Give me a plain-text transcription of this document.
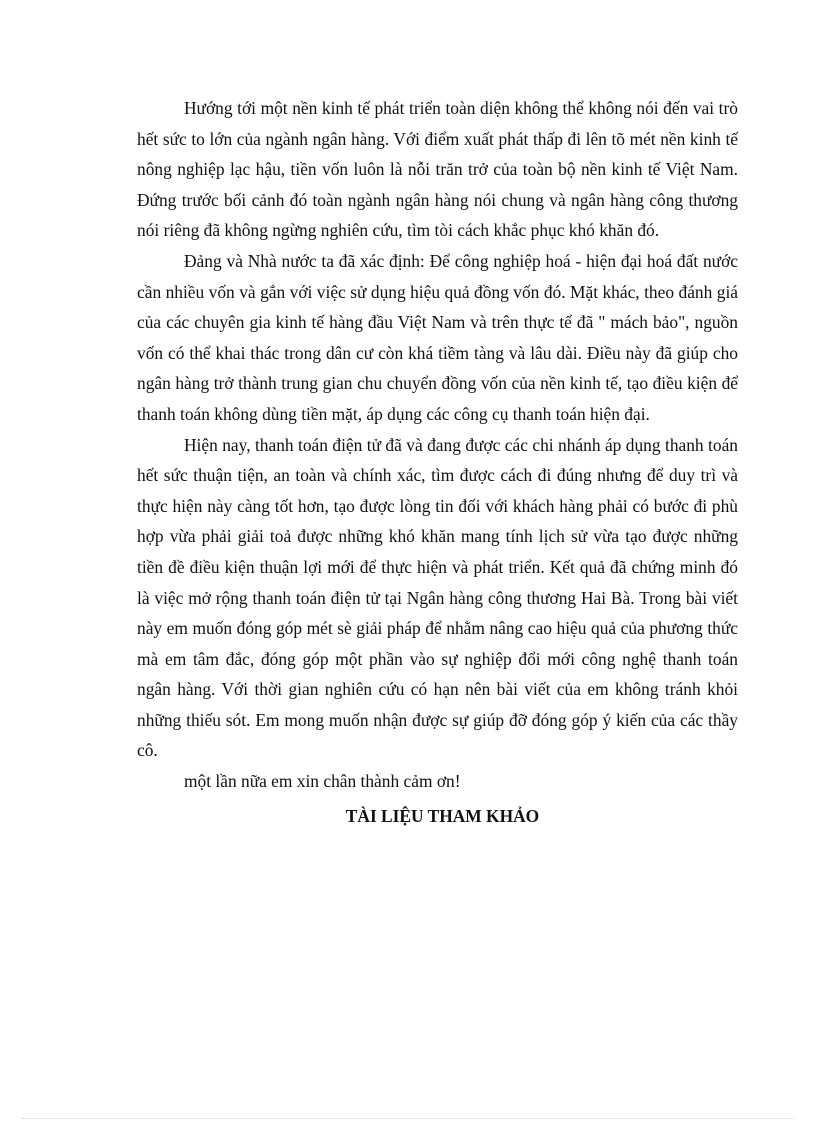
Hướng tới một nền kinh tế phát triển toàn diện không thể không nói đến vai trò hết sức to lớn của ngành ngân hàng. Với điểm xuất phát thấp đi lên tõ mét nền kinh tế nông nghiệp lạc hậu, tiền vốn luôn là nỗi trăn trở của toàn bộ nền kinh tế Việt Nam. Đứng trước bối cảnh đó toàn ngành ngân hàng nói chung và ngân hàng công thương nói riêng đã không ngừng nghiên cứu, tìm tòi cách khắc phục khó khăn đó.

Đảng và Nhà nước ta đã xác định: Để công nghiệp hoá - hiện đại hoá đất nước cần nhiều vốn và gắn với việc sử dụng hiệu quả đồng vốn đó. Mặt khác, theo đánh giá của các chuyên gia kinh tế hàng đầu Việt Nam và trên thực tế đã " mách bảo", nguồn vốn có thể khai thác trong dân cư còn khá tiềm tàng và lâu dài. Điều này đã giúp cho ngân hàng trở thành trung gian chu chuyển đồng vốn của nền kinh tế, tạo điều kiện để thanh toán không dùng tiền mặt, áp dụng các công cụ thanh toán hiện đại.

Hiện nay, thanh toán điện tử đã và đang được các chi nhánh áp dụng thanh toán hết sức thuận tiện, an toàn và chính xác, tìm được cách đi đúng nhưng để duy trì và thực hiện này càng tốt hơn, tạo được lòng tin đối với khách hàng phải có bước đi phù hợp vừa phải giải toả được những khó khăn mang tính lịch sử vừa tạo được những tiền đề điều kiện thuận lợi mới để thực hiện và phát triển. Kết quả đã chứng minh đó là việc mở rộng thanh toán điện tử tại Ngân hàng công thương Hai Bà. Trong bài viết này em muốn đóng góp mét sè giải pháp để nhằm nâng cao hiệu quả của phương thức mà em tâm đắc, đóng góp một phần vào sự nghiệp đổi mới công nghệ thanh toán ngân hàng. Với thời gian nghiên cứu có hạn nên bài viết của em không tránh khỏi những thiếu sót. Em mong muốn nhận được sự giúp đỡ đóng góp ý kiến của các thầy cô.

một lần nữa em xin chân thành cảm ơn!

TÀI LIỆU THAM KHẢO
